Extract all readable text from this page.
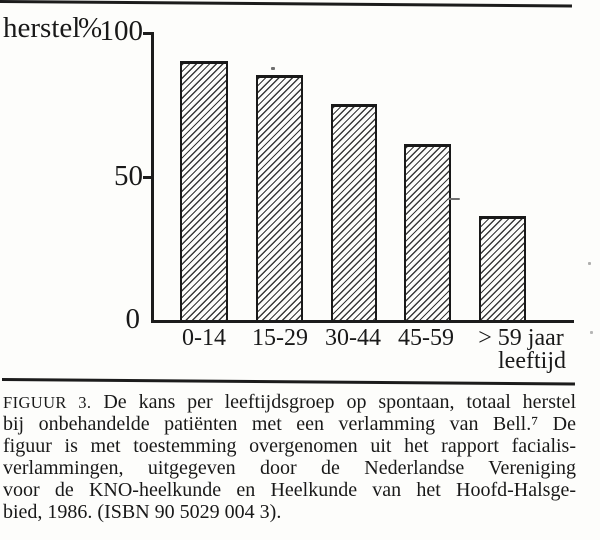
herstel
%
100
50
0
0-14 15-29 30-44 45-59 > 59 jaar
leeftijd
FIGUUR 3. De kans per leeftijdsgroep op spontaan, totaal herstel
bij onbehandelde patiënten met een verlamming van Bell.⁷ De
figuur is met toestemming overgenomen uit het rapport facialis-
verlammingen, uitgegeven door de Nederlandse Vereniging
voor de KNO-heelkunde en Heelkunde van het Hoofd-Halsge-
bied, 1986. (ISBN 90 5029 004 3).
